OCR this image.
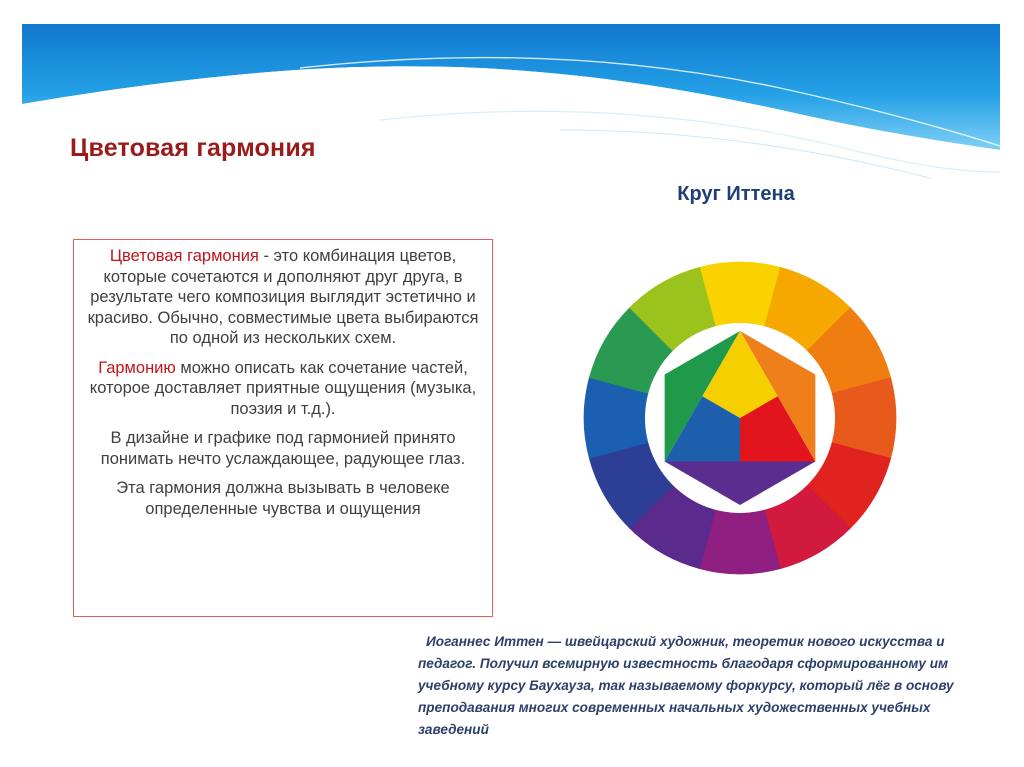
Цветовая гармония
Круг Иттена

Цветовая гармония - это комбинация цветов, которые сочетаются и дополняют друг друга, в результате чего композиция выглядит эстетично и красиво. Обычно, совместимые цвета выбираются по одной из нескольких схем.

Гармонию можно описать как сочетание частей, которое доставляет приятные ощущения (музыка, поэзия и т.д.).

В дизайне и графике под гармонией принято понимать нечто услаждающее, радующее глаз.

Эта гармония должна вызывать в человеке определенные чувства и ощущения

Иоганнес Иттен — швейцарский художник, теоретик нового искусства и педагог. Получил всемирную известность благодаря сформированному им учебному курсу Баухауза, так называемому форкурсу, который лёг в основу преподавания многих современных начальных художественных учебных заведений
